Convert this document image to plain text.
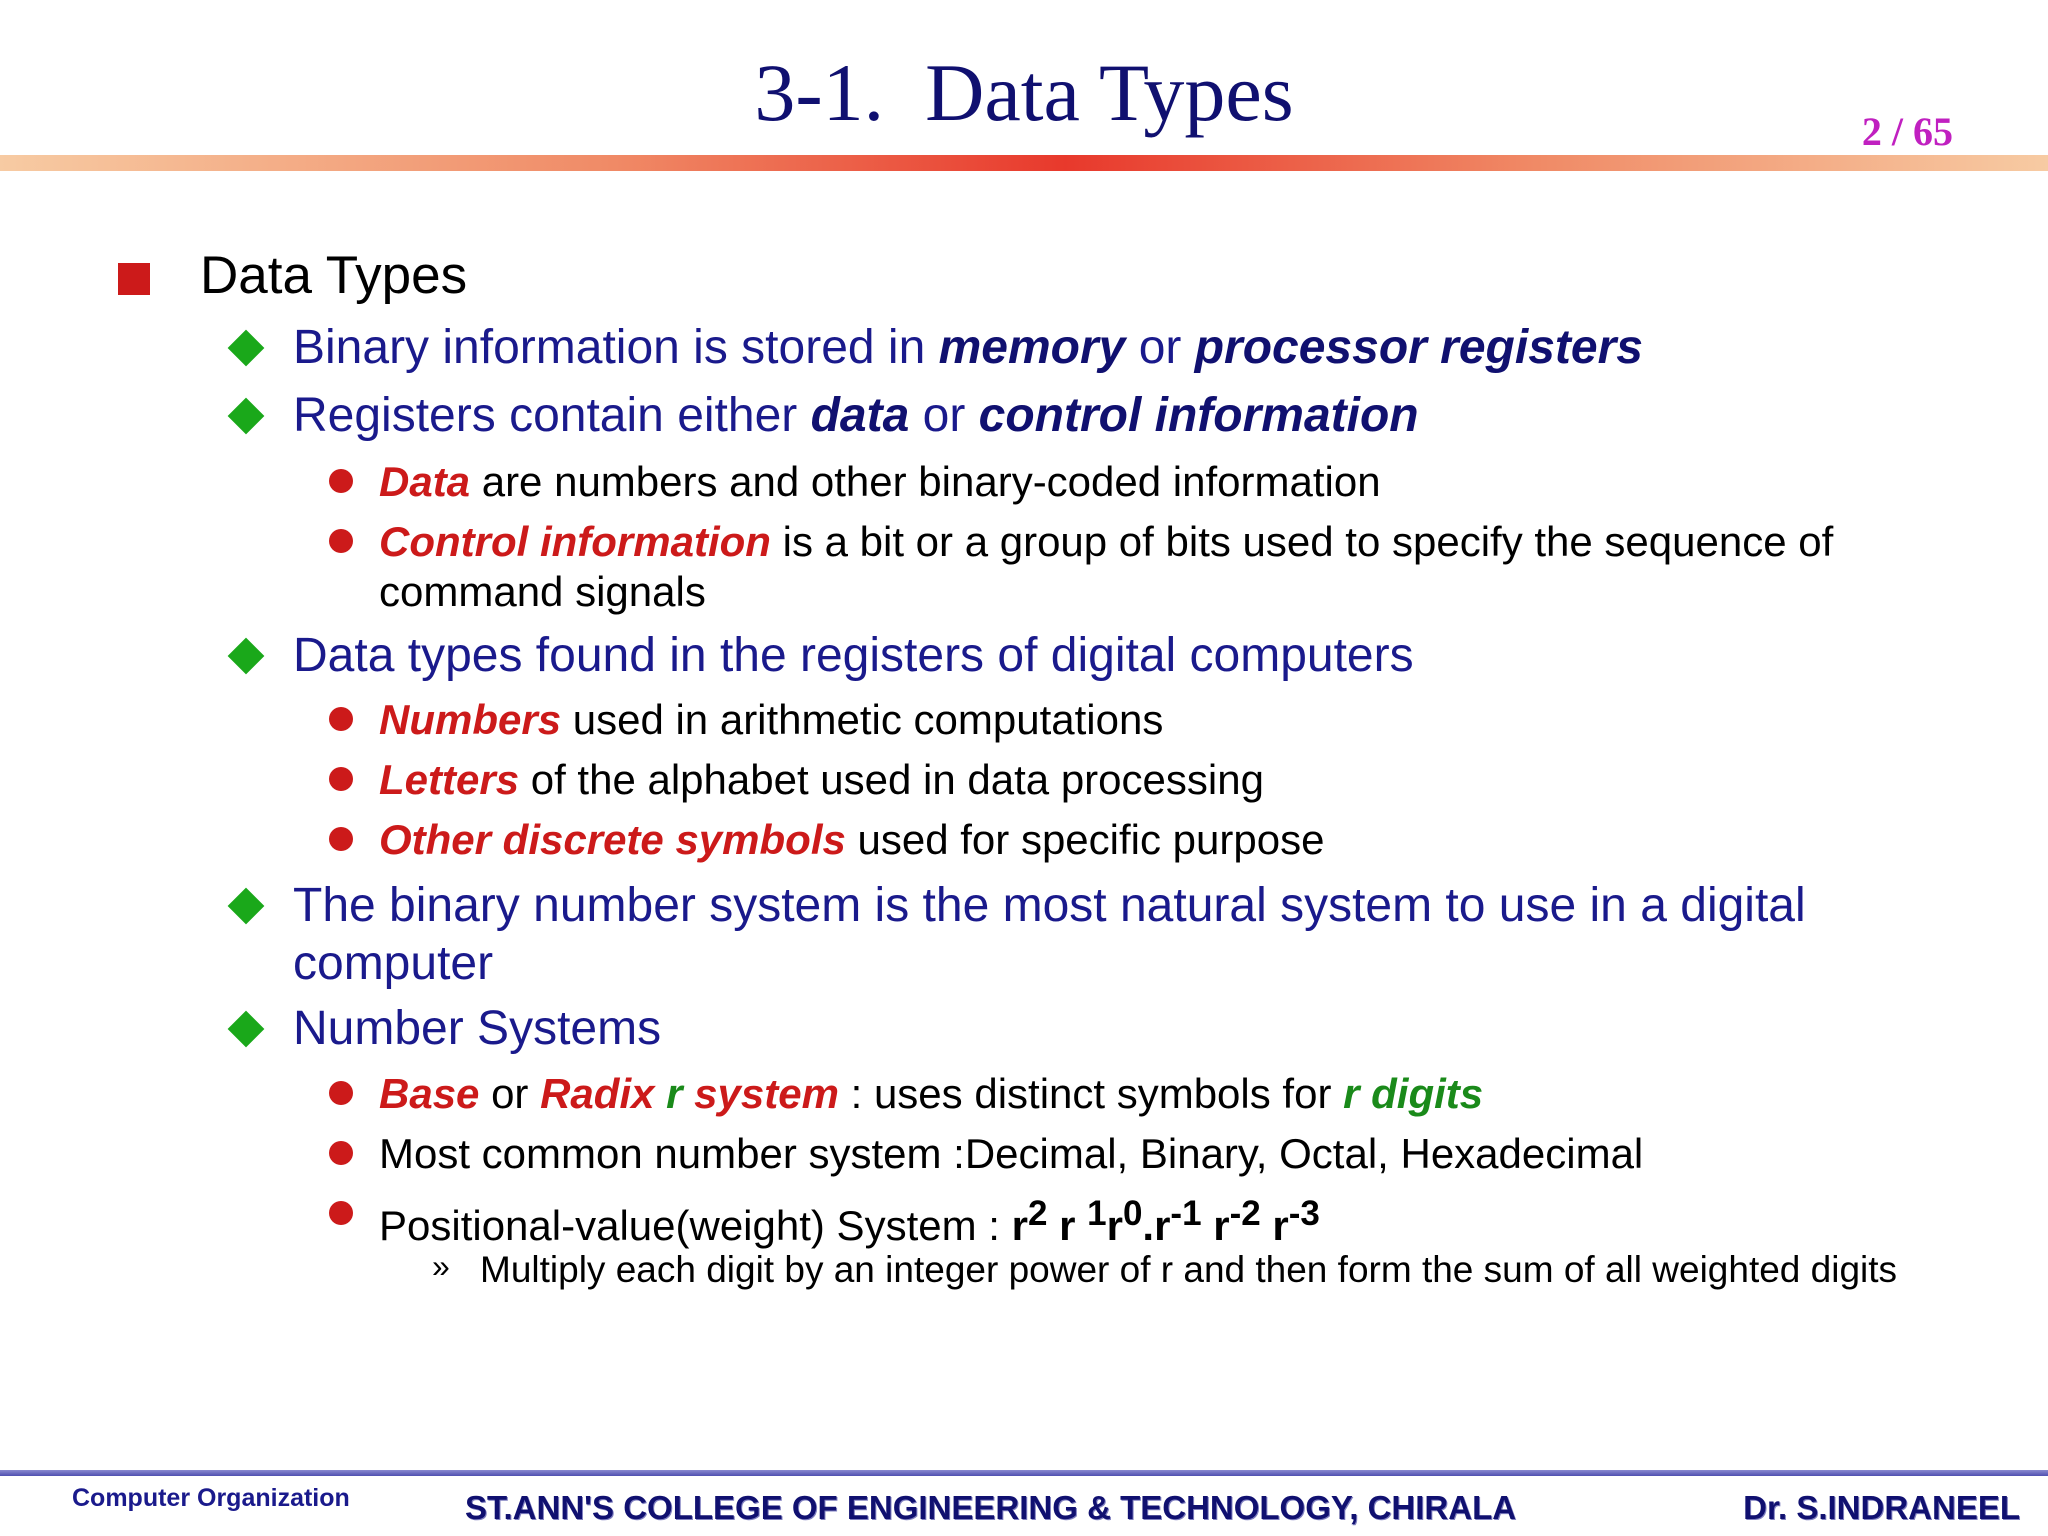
3-1.  Data Types	2 / 65
Data Types
Binary information is stored in memory or processor registers
Registers contain either data or control information
Data are numbers and other binary-coded information
Control information is a bit or a group of bits used to specify the sequence of command signals
Data types found in the registers of digital computers
Numbers used in arithmetic computations
Letters of the alphabet used in data processing
Other discrete symbols used for specific purpose
The binary number system is the most natural system to use in a digital computer
Number Systems
Base or Radix r system : uses distinct symbols for r digits
Most common number system :Decimal, Binary, Octal, Hexadecimal
Positional-value(weight) System : $r^2$ r $^1r^0.r^{-1}$ $r^{-2}$ $r^{-3}$
» Multiply each digit by an integer power of r and then form the sum of all weighted digits
Computer Organization	ST.ANN'S COLLEGE OF ENGINEERING & TECHNOLOGY, CHIRALA	Dr. S.INDRANEEL
